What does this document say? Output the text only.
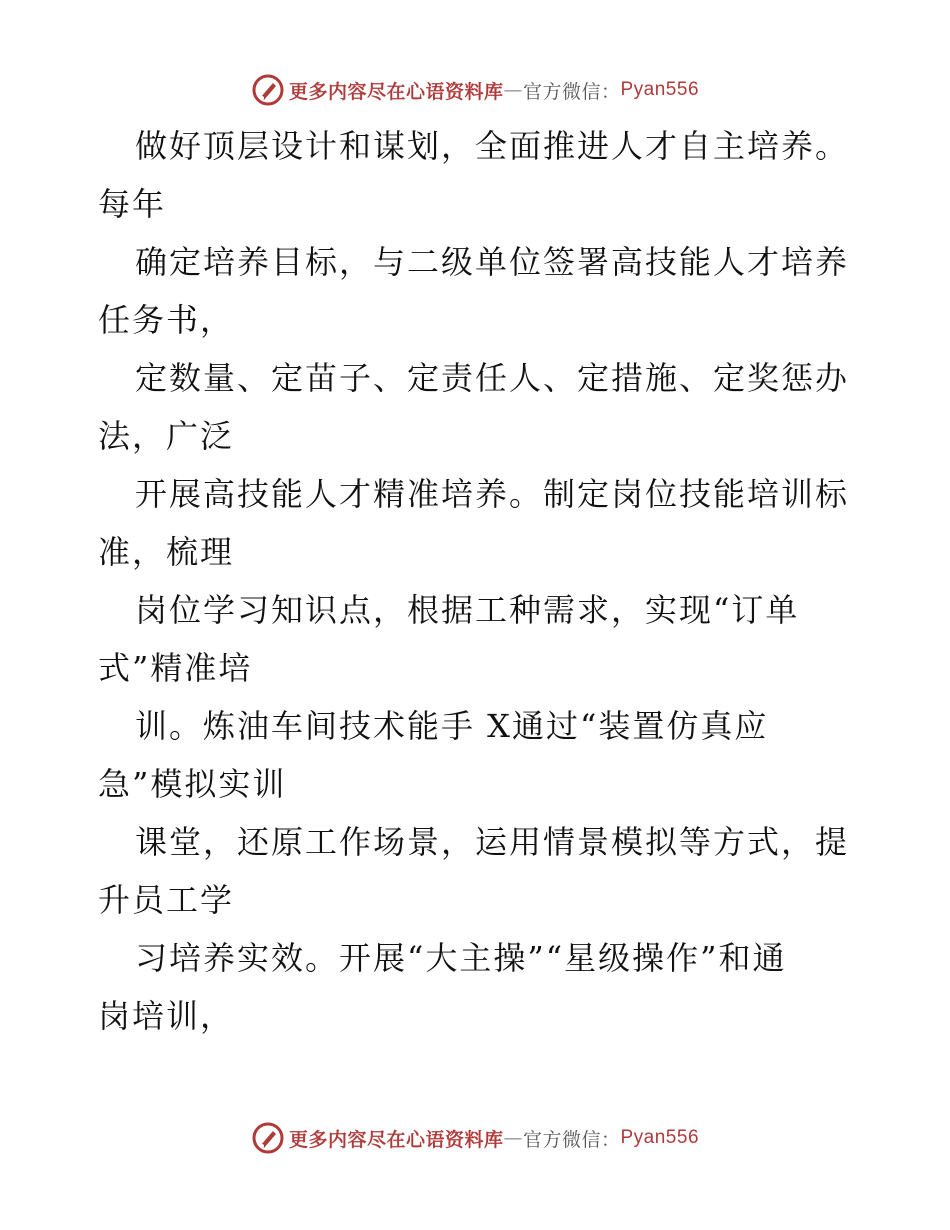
更多内容尽在心语资料库 — 官方微信： Pyan556
做好顶层设计和谋划，全面推进人才自主培养。
每年
确定培养目标，与二级单位签署高技能人才培养
任务书，
定数量、定苗子、定责任人、定措施、定奖惩办
法，广泛
开展高技能人才精准培养。制定岗位技能培训标
准，梳理
岗位学习知识点，根据工种需求，实现“订单
式”精准培
训。炼油车间技术能手 X通过“装置仿真应
急”模拟实训
课堂，还原工作场景，运用情景模拟等方式，提
升员工学
习培养实效。开展“大主操”“星级操作”和通
岗培训，
更多内容尽在心语资料库 — 官方微信： Pyan556
